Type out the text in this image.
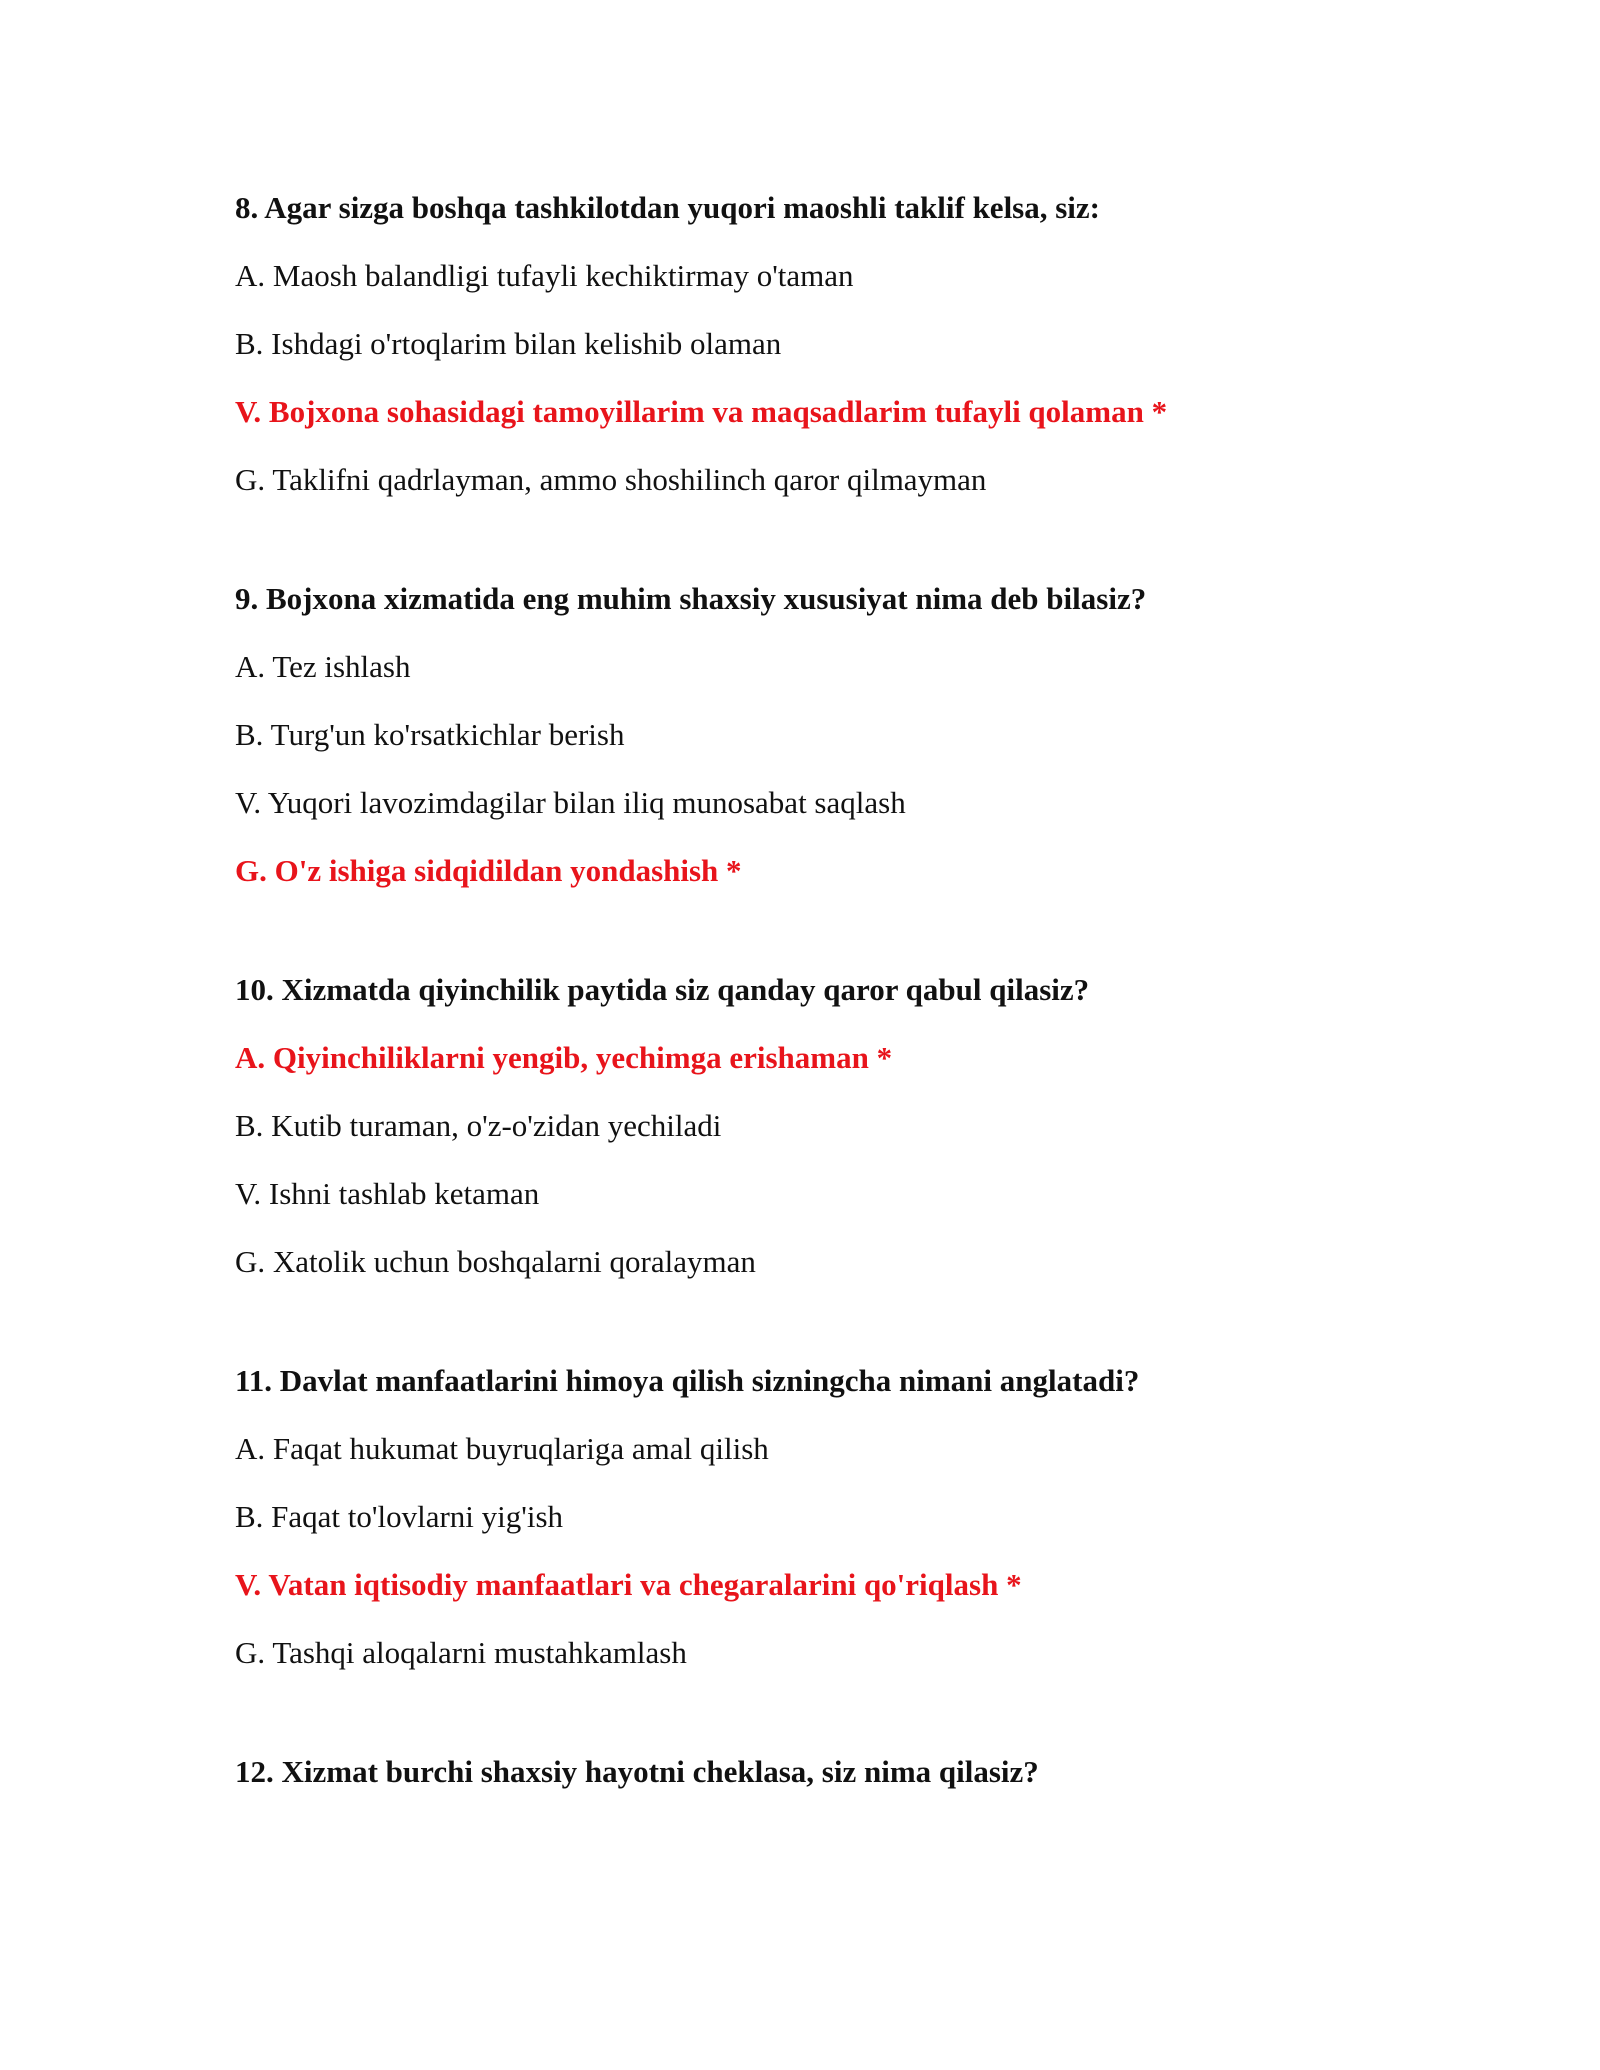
8. Agar sizga boshqa tashkilotdan yuqori maoshli taklif kelsa, siz:

A. Maosh balandligi tufayli kechiktirmay o'taman

B. Ishdagi o'rtoqlarim bilan kelishib olaman

V. Bojxona sohasidagi tamoyillarim va maqsadlarim tufayli qolaman *

G. Taklifni qadrlayman, ammo shoshilinch qaror qilmayman

9. Bojxona xizmatida eng muhim shaxsiy xususiyat nima deb bilasiz?

A. Tez ishlash

B. Turg'un ko'rsatkichlar berish

V. Yuqori lavozimdagilar bilan iliq munosabat saqlash

G. O'z ishiga sidqidildan yondashish *

10. Xizmatda qiyinchilik paytida siz qanday qaror qabul qilasiz?

A. Qiyinchiliklarni yengib, yechimga erishaman *

B. Kutib turaman, o'z-o'zidan yechiladi

V. Ishni tashlab ketaman

G. Xatolik uchun boshqalarni qoralayman

11. Davlat manfaatlarini himoya qilish sizningcha nimani anglatadi?

A. Faqat hukumat buyruqlariga amal qilish

B. Faqat to'lovlarni yig'ish

V. Vatan iqtisodiy manfaatlari va chegaralarini qo'riqlash *

G. Tashqi aloqalarni mustahkamlash

12. Xizmat burchi shaxsiy hayotni cheklasa, siz nima qilasiz?
